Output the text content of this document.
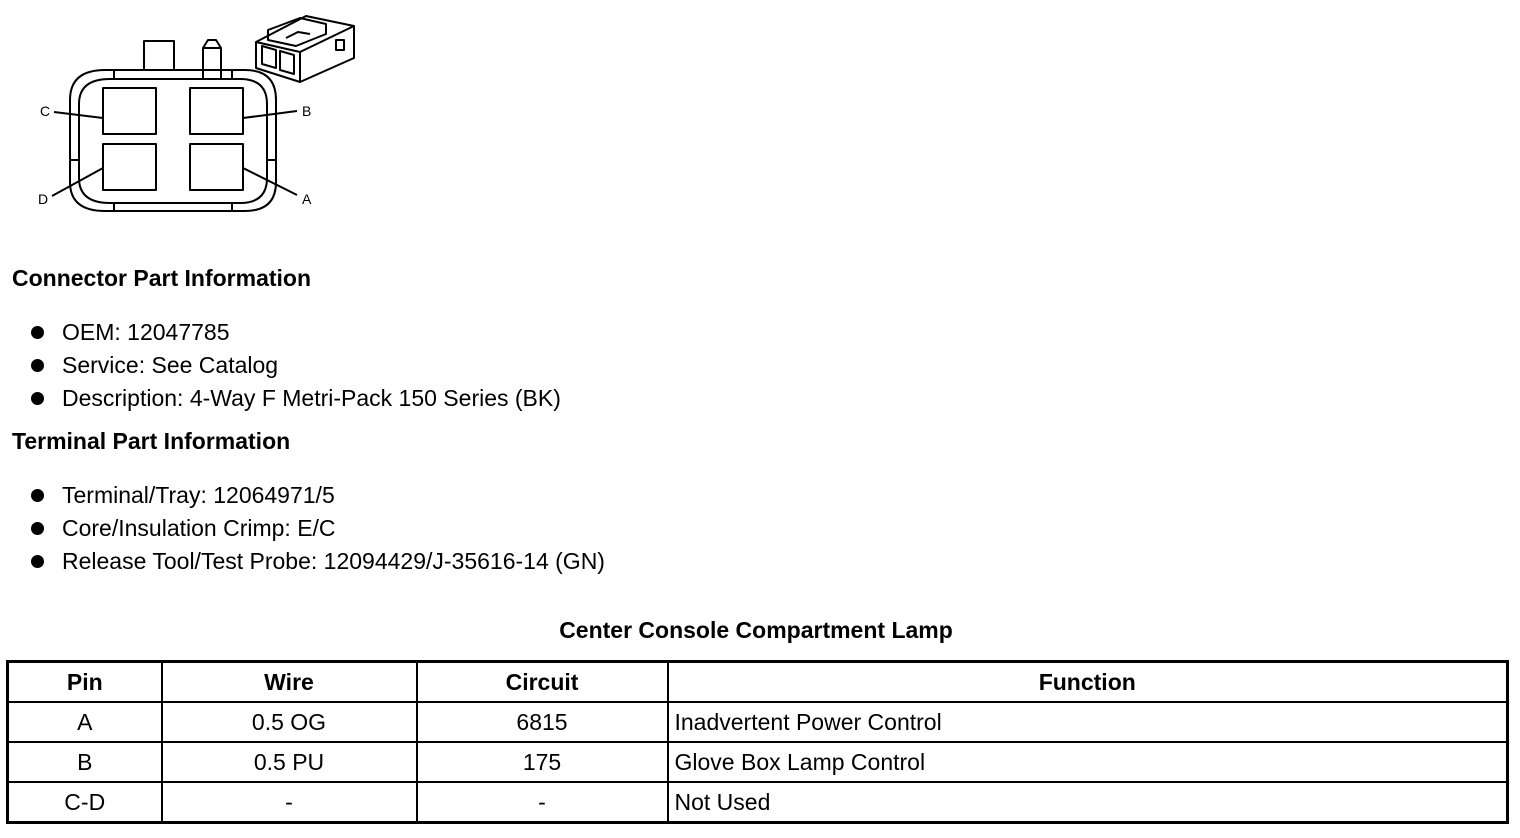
C	B
D	A
Connector Part Information
OEM: 12047785
Service: See Catalog
Description: 4-Way F Metri-Pack 150 Series (BK)
Terminal Part Information
Terminal/Tray: 12064971/5
Core/Insulation Crimp: E/C
Release Tool/Test Probe: 12094429/J-35616-14 (GN)
Center Console Compartment Lamp
Pin	Wire	Circuit	Function
A	0.5 OG	6815	Inadvertent Power Control
B	0.5 PU	175	Glove Box Lamp Control
C-D	-	-	Not Used
